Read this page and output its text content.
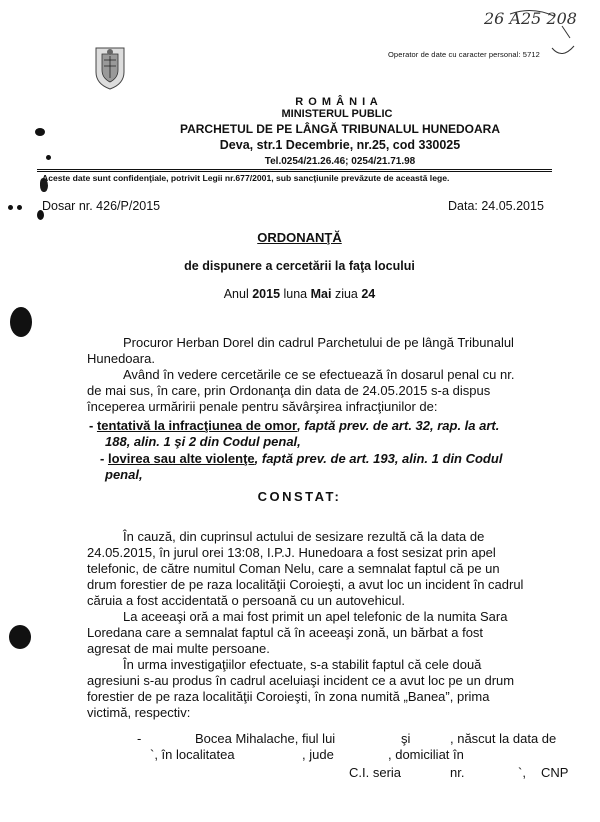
Operator de date cu caracter personal: 5712
26 A25 208
R O M Â N I A
MINISTERUL PUBLIC
PARCHETUL DE PE LÂNGĂ TRIBUNALUL HUNEDOARA
Deva, str.1 Decembrie, nr.25, cod 330025
Tel.0254/21.26.46; 0254/21.71.98
Aceste date sunt confidenţiale, potrivit Legii nr.677/2001, sub sancţiunile prevăzute de această lege.
Dosar nr. 426/P/2015	Data: 24.05.2015
ORDONANŢĂ
de dispunere a cercetării la faţa locului
Anul 2015 luna Mai ziua 24
Procuror Herban Dorel din cadrul Parchetului de pe lângă Tribunalul
Hunedoara.
Având în vedere cercetările ce se efectuează în dosarul penal cu nr.
de mai sus, în care, prin Ordonanţa din data de 24.05.2015 s-a dispus
începerea urmăririi penale pentru săvârşirea infracţiunilor de:
- tentativă la infracţiunea de omor, faptă prev. de art. 32, rap. la art.
188, alin. 1 şi 2 din Codul penal,
- lovirea sau alte violenţe, faptă prev. de art. 193, alin. 1 din Codul
penal,
CONSTAT:
În cauză, din cuprinsul actului de sesizare rezultă că la data de
24.05.2015, în jurul orei 13:08, I.P.J. Hunedoara a fost sesizat prin apel
telefonic, de către numitul Coman Nelu, care a semnalat faptul că pe un
drum forestier de pe raza localităţii Coroieşti, a avut loc un incident în cadrul
căruia a fost accidentată o persoană cu un autovehicul.
La aceeaşi oră a mai fost primit un apel telefonic de la numita Sara
Loredana care a semnalat faptul că în aceeaşi zonă, un bărbat a fost
agresat de mai multe persoane.
În urma investigaţiilor efectuate, s-a stabilit faptul că cele două
agresiuni s-au produs în cadrul aceluiaşi incident ce a avut loc pe un drum
forestier de pe raza localităţii Coroieşti, în zona numită „Banea”, prima
victimă, respectiv:
-	Bocea Mihalache, fiul lui	şi	, născut la data de
`, în localitatea	, jude	, domiciliat în
C.I. seria	nr.	`, CNP
